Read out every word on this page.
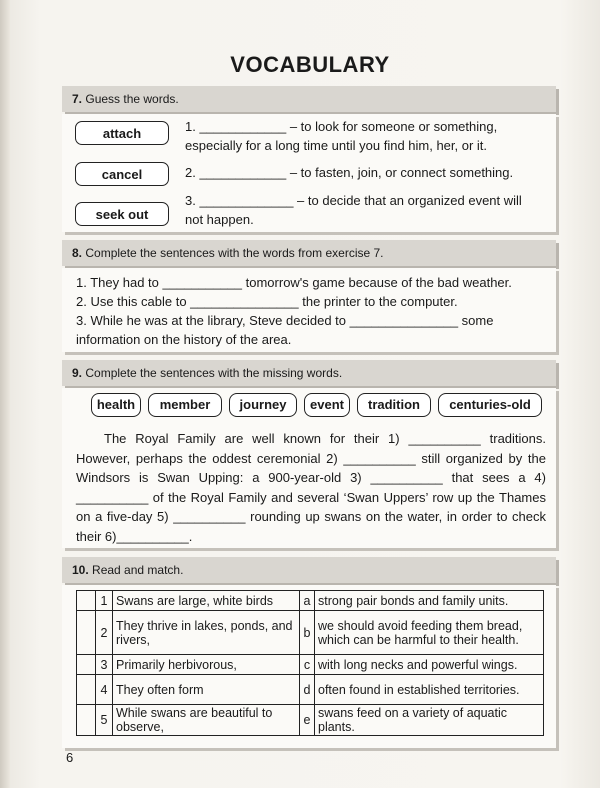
VOCABULARY
7. Guess the words.
attach
cancel
seek out
1. ____________ – to look for someone or something, especially for a long time until you find him, her, or it.
2. ____________ – to fasten, join, or connect something.
3. _____________ – to decide that an organized event will not happen.
8. Complete the sentences with the words from exercise 7.
1. They had to ___________ tomorrow's game because of the bad weather.
2. Use this cable to _______________ the printer to the computer.
3. While he was at the library, Steve decided to _______________ some information on the history of the area.
9. Complete the sentences with the missing words.
health	member	journey	event	tradition	centuries-old
The Royal Family are well known for their 1) __________ traditions. However, perhaps the oddest ceremonial 2) __________ still organized by the Windsors is Swan Upping: a 900-year-old 3) __________ that sees a 4) __________ of the Royal Family and several ‘Swan Uppers’ row up the Thames on a five-day 5) __________ rounding up swans on the water, in order to check their 6)__________.
10. Read and match.
	1	Swans are large, white birds	a	strong pair bonds and family units.
	2	They thrive in lakes, ponds, and rivers,	b	we should avoid feeding them bread, which can be harmful to their health.
	3	Primarily herbivorous,	c	with long necks and powerful wings.
	4	They often form	d	often found in established territories.
	5	While swans are beautiful to observe,	e	swans feed on a variety of aquatic plants.
6
